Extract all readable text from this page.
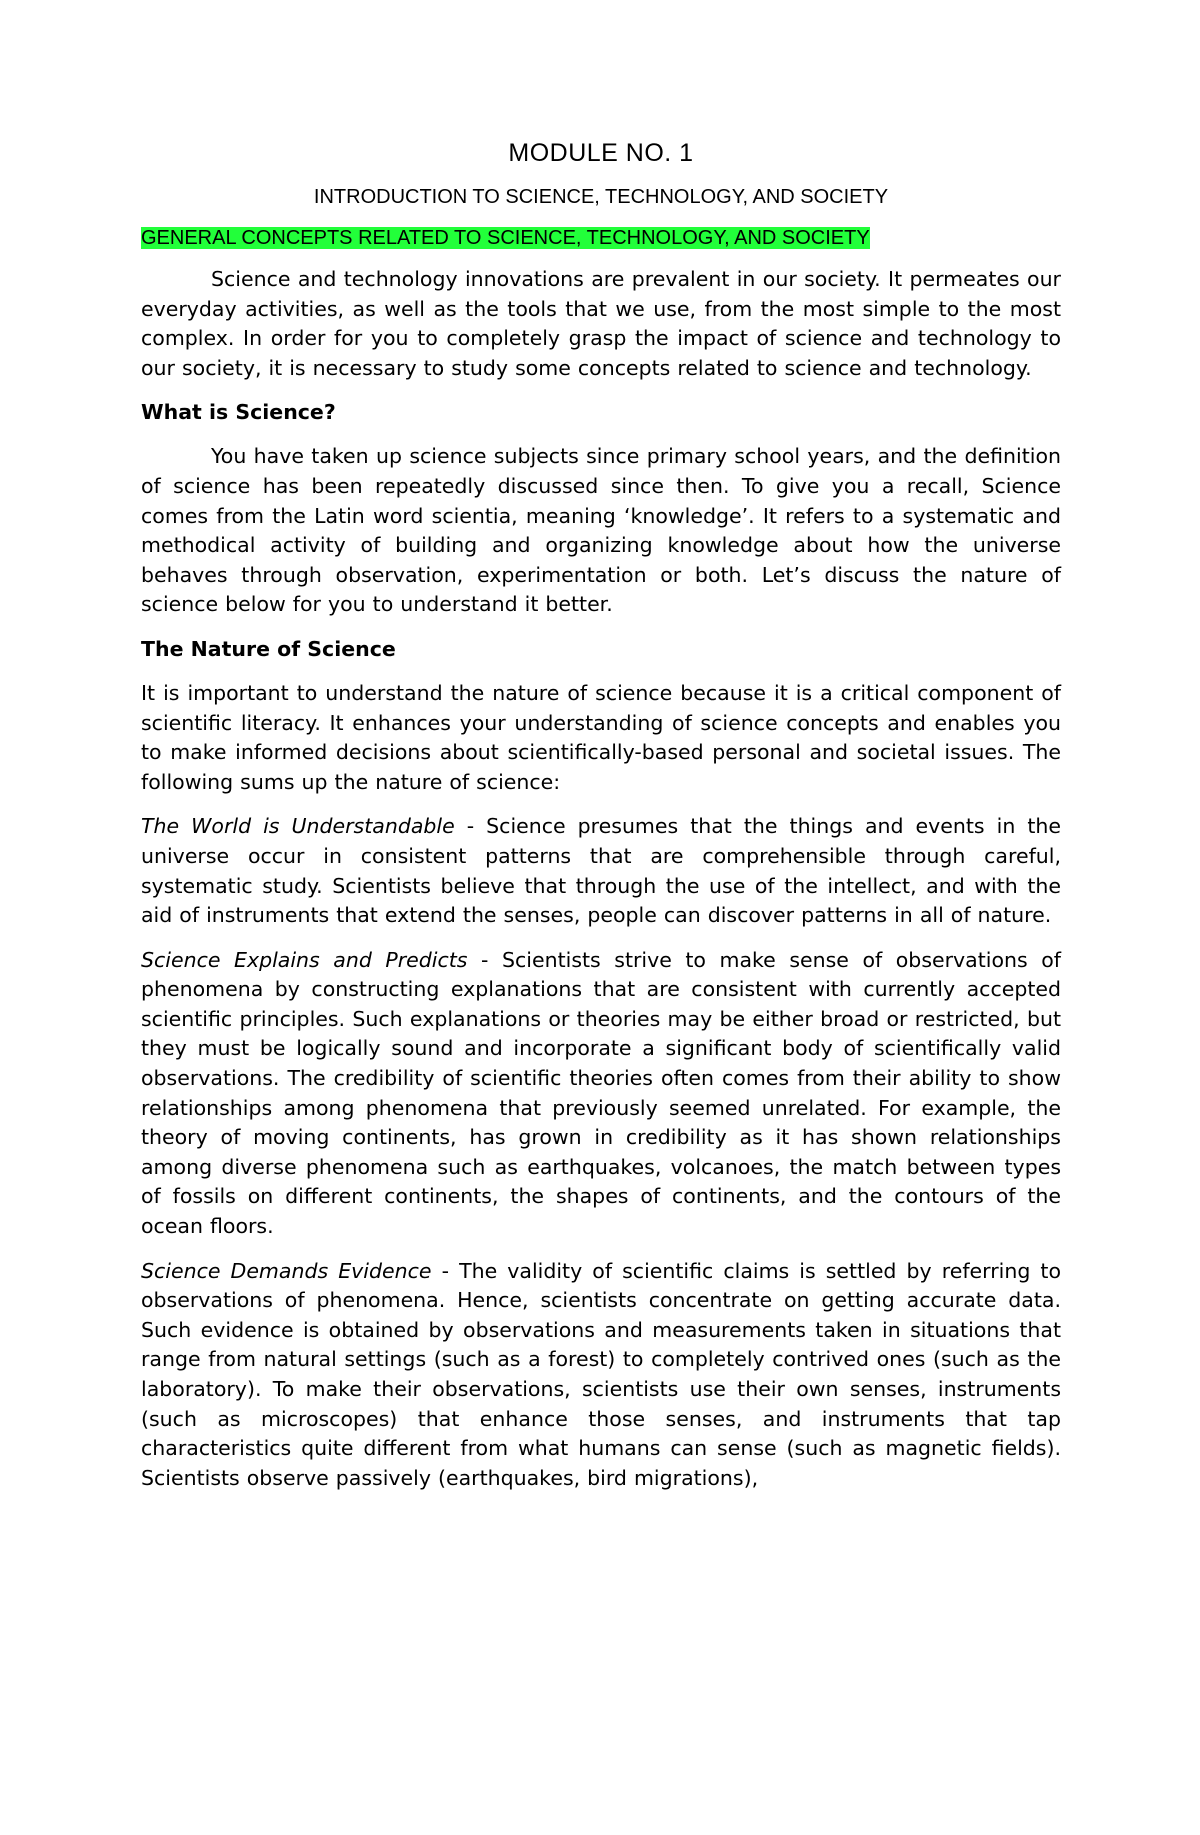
MODULE NO. 1
INTRODUCTION TO SCIENCE, TECHNOLOGY, AND SOCIETY
GENERAL CONCEPTS RELATED TO SCIENCE, TECHNOLOGY, AND SOCIETY

Science and technology innovations are prevalent in our society. It permeates our everyday activities, as well as the tools that we use, from the most simple to the most complex. In order for you to completely grasp the impact of science and technology to our society, it is necessary to study some concepts related to science and technology.

What is Science?

You have taken up science subjects since primary school years, and the definition of science has been repeatedly discussed since then. To give you a recall, Science comes from the Latin word scientia, meaning ‘knowledge’. It refers to a systematic and methodical activity of building and organizing knowledge about how the universe behaves through observation, experimentation or both. Let’s discuss the nature of science below for you to understand it better.

The Nature of Science

It is important to understand the nature of science because it is a critical component of scientific literacy. It enhances your understanding of science concepts and enables you to make informed decisions about scientifically-based personal and societal issues. The following sums up the nature of science:

The World is Understandable - Science presumes that the things and events in the universe occur in consistent patterns that are comprehensible through careful, systematic study. Scientists believe that through the use of the intellect, and with the aid of instruments that extend the senses, people can discover patterns in all of nature.

Science Explains and Predicts - Scientists strive to make sense of observations of phenomena by constructing explanations that are consistent with currently accepted scientific principles. Such explanations or theories may be either broad or restricted, but they must be logically sound and incorporate a significant body of scientifically valid observations. The credibility of scientific theories often comes from their ability to show relationships among phenomena that previously seemed unrelated. For example, the theory of moving continents, has grown in credibility as it has shown relationships among diverse phenomena such as earthquakes, volcanoes, the match between types of fossils on different continents, the shapes of continents, and the contours of the ocean floors.

Science Demands Evidence - The validity of scientific claims is settled by referring to observations of phenomena. Hence, scientists concentrate on getting accurate data. Such evidence is obtained by observations and measurements taken in situations that range from natural settings (such as a forest) to completely contrived ones (such as the laboratory). To make their observations, scientists use their own senses, instruments (such as microscopes) that enhance those senses, and instruments that tap characteristics quite different from what humans can sense (such as magnetic fields). Scientists observe passively (earthquakes, bird migrations),
